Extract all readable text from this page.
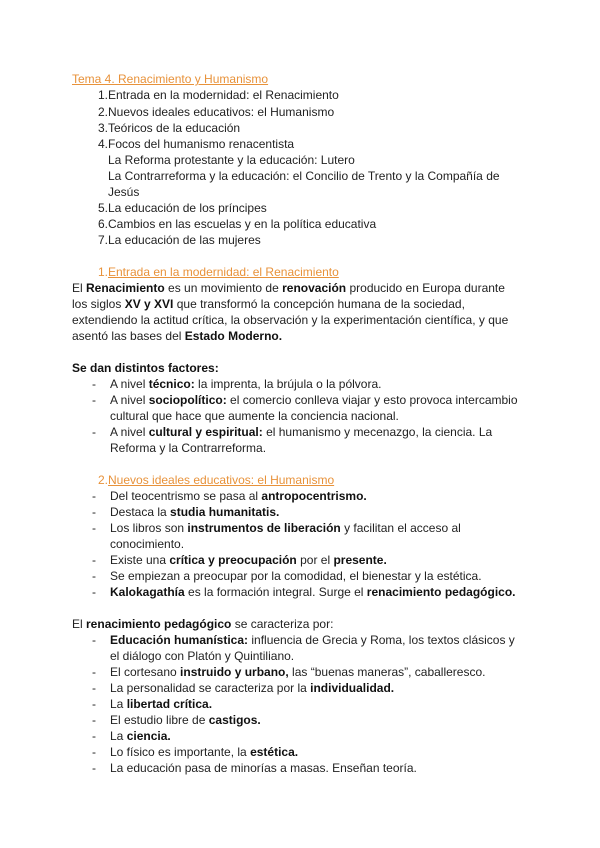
Tema 4. Renacimiento y Humanismo
1. Entrada en la modernidad: el Renacimiento
2. Nuevos ideales educativos: el Humanismo
3. Teóricos de la educación
4. Focos del humanismo renacentista
La Reforma protestante y la educación: Lutero
La Contrarreforma y la educación: el Concilio de Trento y la Compañía de
Jesús
5. La educación de los príncipes
6. Cambios en las escuelas y en la política educativa
7. La educación de las mujeres
1. Entrada en la modernidad: el Renacimiento
El Renacimiento es un movimiento de renovación producido en Europa durante
los siglos XV y XVI que transformó la concepción humana de la sociedad,
extendiendo la actitud crítica, la observación y la experimentación científica, y que
asentó las bases del Estado Moderno.
Se dan distintos factores:
- A nivel técnico: la imprenta, la brújula o la pólvora.
- A nivel sociopolítico: el comercio conlleva viajar y esto provoca intercambio
cultural que hace que aumente la conciencia nacional.
- A nivel cultural y espiritual: el humanismo y mecenazgo, la ciencia. La
Reforma y la Contrarreforma.
2. Nuevos ideales educativos: el Humanismo
- Del teocentrismo se pasa al antropocentrismo.
- Destaca la studia humanitatis.
- Los libros son instrumentos de liberación y facilitan el acceso al
conocimiento.
- Existe una crítica y preocupación por el presente.
- Se empiezan a preocupar por la comodidad, el bienestar y la estética.
- Kalokagathía es la formación integral. Surge el renacimiento pedagógico.
El renacimiento pedagógico se caracteriza por:
- Educación humanística: influencia de Grecia y Roma, los textos clásicos y
el diálogo con Platón y Quintiliano.
- El cortesano instruido y urbano, las “buenas maneras”, caballeresco.
- La personalidad se caracteriza por la individualidad.
- La libertad crítica.
- El estudio libre de castigos.
- La ciencia.
- Lo físico es importante, la estética.
- La educación pasa de minorías a masas. Enseñan teoría.
